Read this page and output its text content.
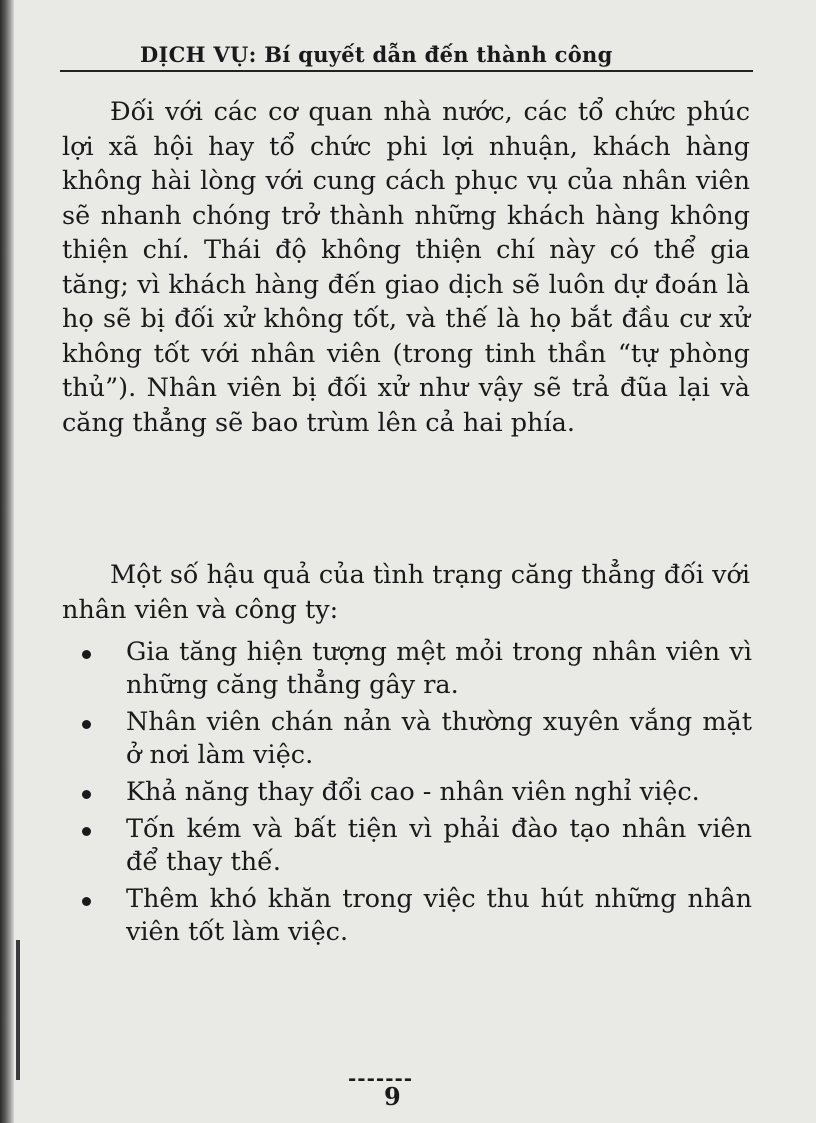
DỊCH VỤ: Bí quyết dẫn đến thành công

Đối với các cơ quan nhà nước, các tổ chức phúc lợi xã hội hay tổ chức phi lợi nhuận, khách hàng không hài lòng với cung cách phục vụ của nhân viên sẽ nhanh chóng trở thành những khách hàng không thiện chí. Thái độ không thiện chí này có thể gia tăng; vì khách hàng đến giao dịch sẽ luôn dự đoán là họ sẽ bị đối xử không tốt, và thế là họ bắt đầu cư xử không tốt với nhân viên (trong tinh thần “tự phòng thủ”). Nhân viên bị đối xử như vậy sẽ trả đũa lại và căng thẳng sẽ bao trùm lên cả hai phía.

Một số hậu quả của tình trạng căng thẳng đối với nhân viên và công ty:

Gia tăng hiện tượng mệt mỏi trong nhân viên vì những căng thẳng gây ra.
Nhân viên chán nản và thường xuyên vắng mặt ở nơi làm việc.
Khả năng thay đổi cao - nhân viên nghỉ việc.
Tốn kém và bất tiện vì phải đào tạo nhân viên để thay thế.
Thêm khó khăn trong việc thu hút những nhân viên tốt làm việc.
-------
9
